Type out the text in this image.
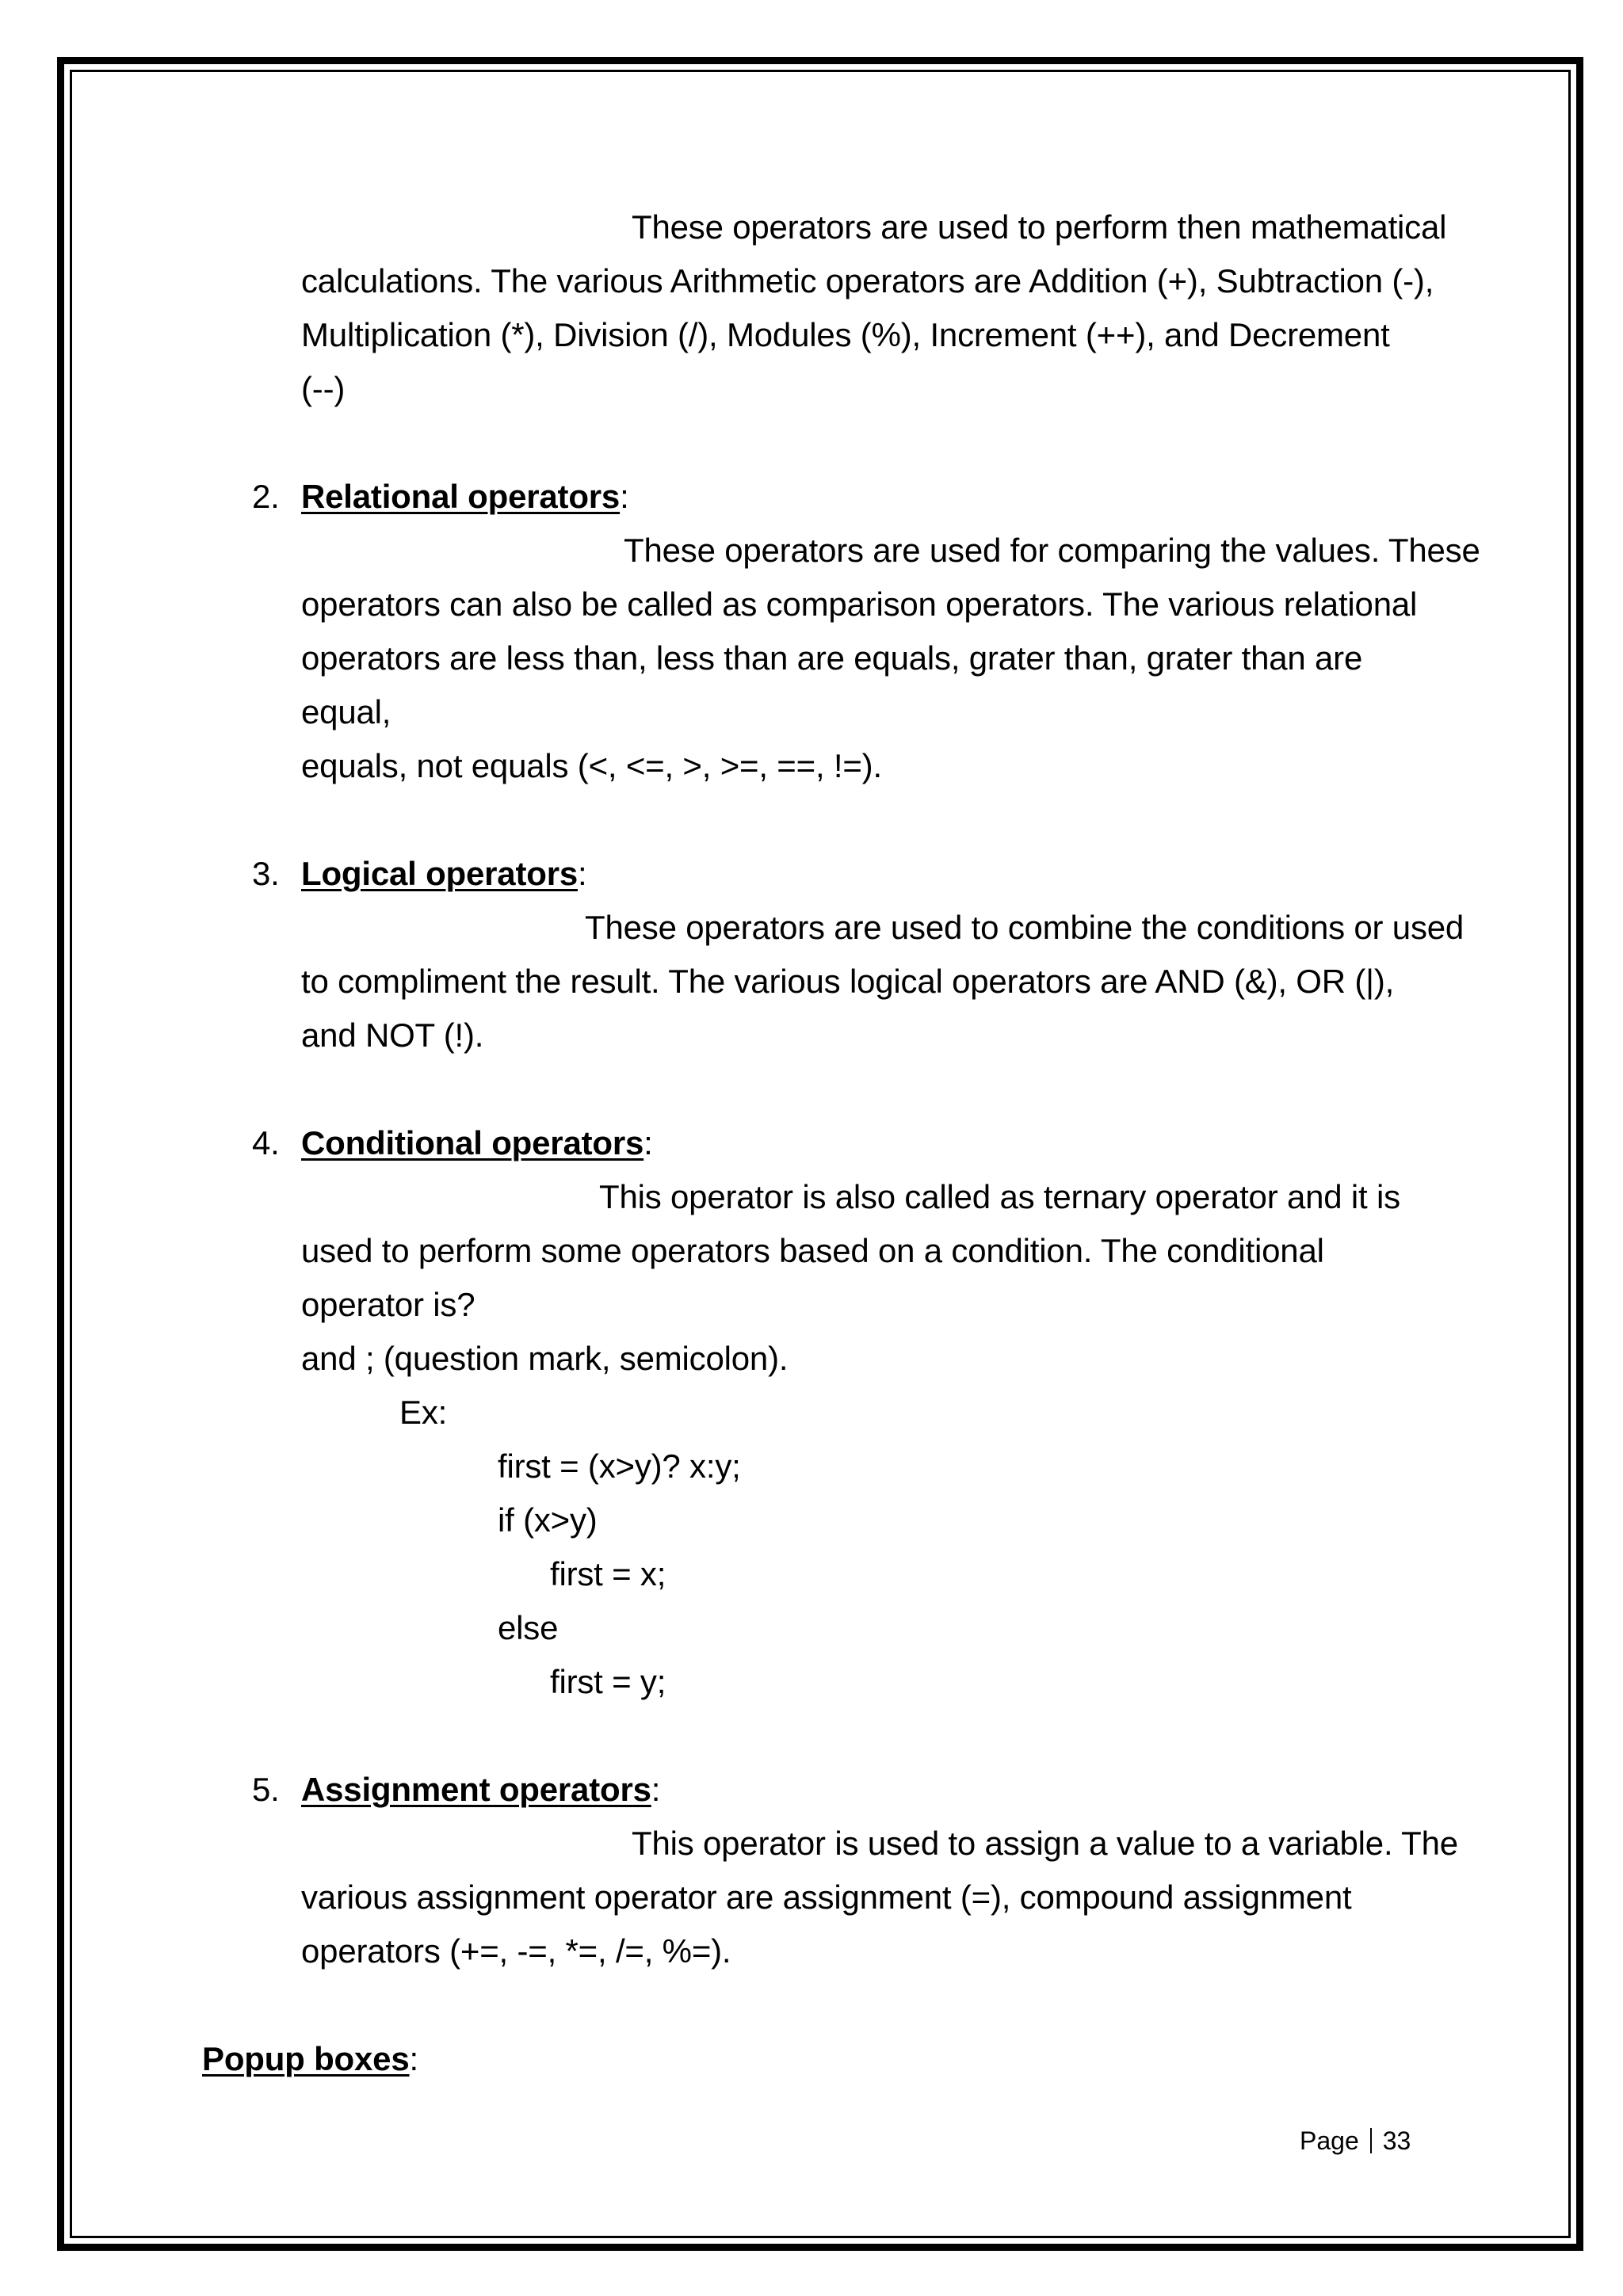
These operators are used to perform then mathematical
calculations. The various Arithmetic operators are Addition (+), Subtraction (-),
Multiplication (*), Division (/), Modules (%), Increment (++), and Decrement
(--)
2. Relational operators:
These operators are used for comparing the values. These
operators can also be called as comparison operators. The various relational
operators are less than, less than are equals, grater than, grater than are
equal,
equals, not equals (<, <=, >, >=, ==, !=).
3. Logical operators:
These operators are used to combine the conditions or used
to compliment the result. The various logical operators are AND (&), OR (|),
and NOT (!).
4. Conditional operators:
This operator is also called as ternary operator and it is
used to perform some operators based on a condition. The conditional
operator is?
and ; (question mark, semicolon).
Ex:
first = (x>y)? x:y;
if (x>y)
first = x;
else
first = y;
5. Assignment operators:
This operator is used to assign a value to a variable. The
various assignment operator are assignment (=), compound assignment
operators (+=, -=, *=, /=, %=).
Popup boxes:
Page 33
